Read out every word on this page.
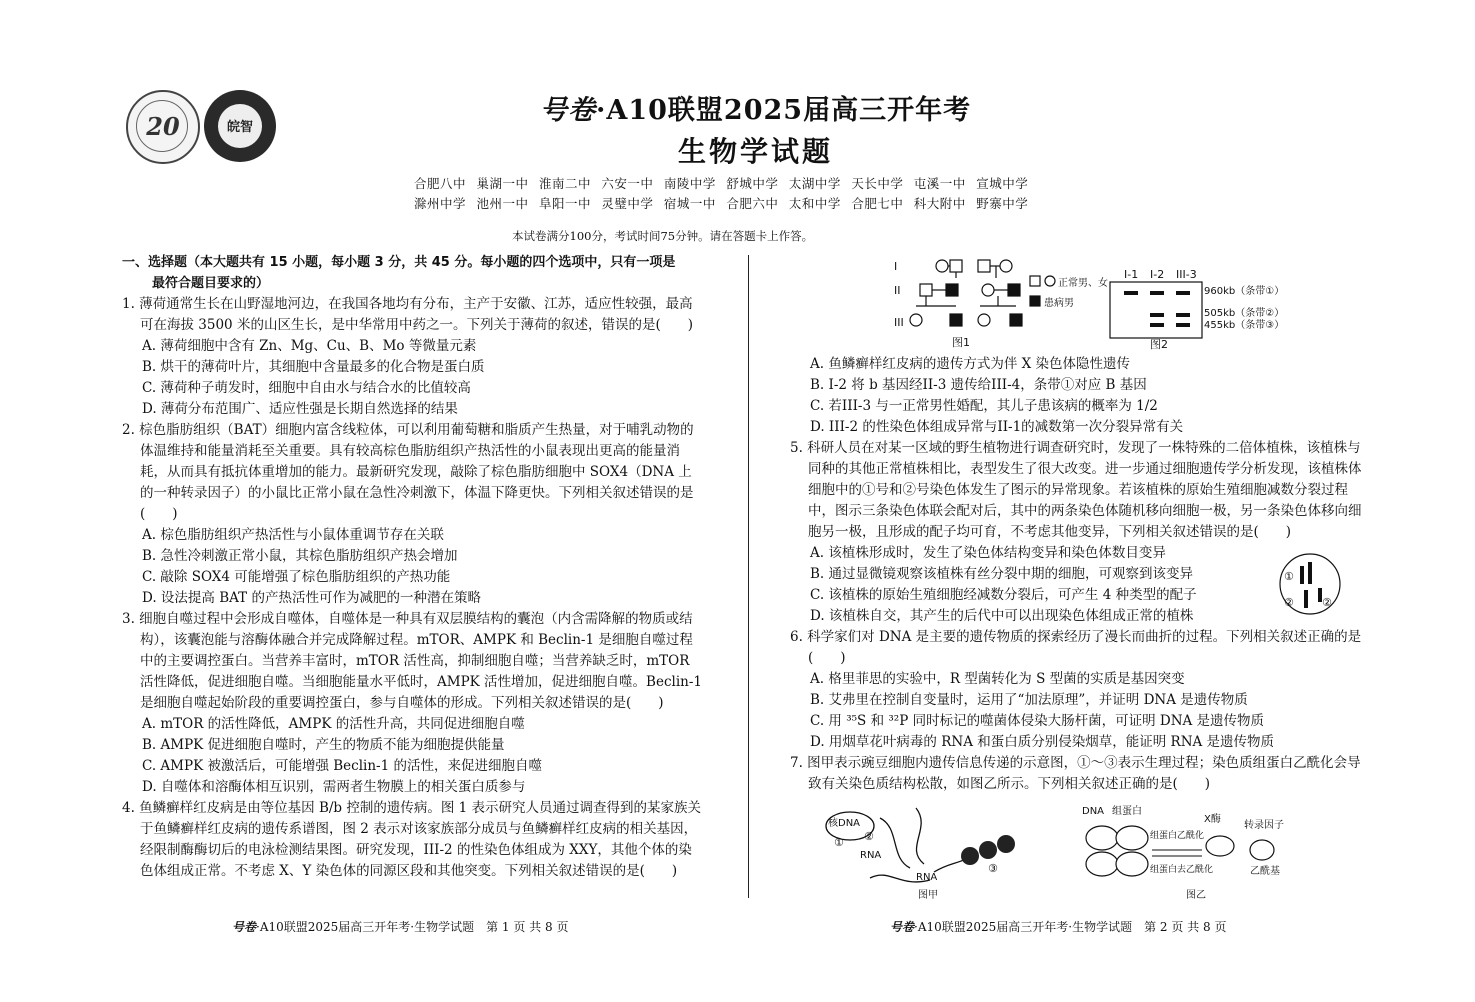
20	皖智
号卷·A10联盟2025届高三开年考
生物学试题
合肥八中 巢湖一中 淮南二中 六安一中 南陵中学 舒城中学 太湖中学 天长中学 屯溪一中 宣城中学
滁州中学 池州一中 阜阳一中 灵璧中学 宿城一中 合肥六中 太和中学 合肥七中 科大附中 野寨中学
本试卷满分100分，考试时间75分钟。请在答题卡上作答。

一、选择题（本大题共有 15 小题，每小题 3 分，共 45 分。每小题的四个选项中，只有一项是

最符合题目要求的）

1. 薄荷通常生长在山野湿地河边，在我国各地均有分布，主产于安徽、江苏，适应性较强，最高可在海拔 3500 米的山区生长，是中华常用中药之一。下列关于薄荷的叙述，错误的是(　　)

A. 薄荷细胞中含有 Zn、Mg、Cu、B、Mo 等微量元素

B. 烘干的薄荷叶片，其细胞中含量最多的化合物是蛋白质

C. 薄荷种子萌发时，细胞中自由水与结合水的比值较高

D. 薄荷分布范围广、适应性强是长期自然选择的结果

2. 棕色脂肪组织（BAT）细胞内富含线粒体，可以利用葡萄糖和脂质产生热量，对于哺乳动物的体温维持和能量消耗至关重要。具有较高棕色脂肪组织产热活性的小鼠表现出更高的能量消耗，从而具有抵抗体重增加的能力。最新研究发现，敲除了棕色脂肪细胞中 SOX4（DNA 上的一种转录因子）的小鼠比正常小鼠在急性冷刺激下，体温下降更快。下列相关叙述错误的是(　　)

A. 棕色脂肪组织产热活性与小鼠体重调节存在关联

B. 急性冷刺激正常小鼠，其棕色脂肪组织产热会增加

C. 敲除 SOX4 可能增强了棕色脂肪组织的产热功能

D. 设法提高 BAT 的产热活性可作为减肥的一种潜在策略

3. 细胞自噬过程中会形成自噬体，自噬体是一种具有双层膜结构的囊泡（内含需降解的物质或结构），该囊泡能与溶酶体融合并完成降解过程。mTOR、AMPK 和 Beclin-1 是细胞自噬过程中的主要调控蛋白。当营养丰富时，mTOR 活性高，抑制细胞自噬；当营养缺乏时，mTOR 活性降低，促进细胞自噬。当细胞能量水平低时，AMPK 活性增加，促进细胞自噬。Beclin-1 是细胞自噬起始阶段的重要调控蛋白，参与自噬体的形成。下列相关叙述错误的是(　　)

A. mTOR 的活性降低，AMPK 的活性升高，共同促进细胞自噬

B. AMPK 促进细胞自噬时，产生的物质不能为细胞提供能量

C. AMPK 被激活后，可能增强 Beclin-1 的活性，来促进细胞自噬

D. 自噬体和溶酶体相互识别，需两者生物膜上的相关蛋白质参与

4. 鱼鳞癣样红皮病是由等位基因 B/b 控制的遗传病。图 1 表示研究人员通过调查得到的某家族关于鱼鳞癣样红皮病的遗传系谱图，图 2 表示对该家族部分成员与鱼鳞癣样红皮病的相关基因，经限制酶酶切后的电泳检测结果图。研究发现，III-2 的性染色体组成为 XXY，其他个体的染色体组成正常。不考虑 X、Y 染色体的同源区段和其他突变。下列相关叙述错误的是(　　)

I
II
III
正常男、女
患病男
图1
I-1 I-2 III-3
960kb（条带①）
505kb（条带②）
455kb（条带③）
图2

A. 鱼鳞癣样红皮病的遗传方式为伴 X 染色体隐性遗传

B. I-2 将 b 基因经II-3 遗传给III-4，条带①对应 B 基因

C. 若III-3 与一正常男性婚配，其儿子患该病的概率为 1/2

D. III-2 的性染色体组成异常与II-1的减数第一次分裂异常有关

5. 科研人员在对某一区域的野生植物进行调查研究时，发现了一株特殊的二倍体植株，该植株与同种的其他正常植株相比，表型发生了很大改变。进一步通过细胞遗传学分析发现，该植株体细胞中的①号和②号染色体发生了图示的异常现象。若该植株的原始生殖细胞减数分裂过程中，图示三条染色体联会配对后，其中的两条染色体随机移向细胞一极，另一条染色体移向细胞另一极，且形成的配子均可育，不考虑其他变异，下列相关叙述错误的是(　　)

A. 该植株形成时，发生了染色体结构变异和染色体数目变异

B. 通过显微镜观察该植株有丝分裂中期的细胞，可观察到该变异

C. 该植株的原始生殖细胞经减数分裂后，可产生 4 种类型的配子

D. 该植株自交，其产生的后代中可以出现染色体组成正常的植株

6. 科学家们对 DNA 是主要的遗传物质的探索经历了漫长而曲折的过程。下列相关叙述正确的是(　　)

A. 格里菲思的实验中，R 型菌转化为 S 型菌的实质是基因突变

B. 艾弗里在控制自变量时，运用了“加法原理”，并证明 DNA 是遗传物质

C. 用 ³⁵S 和 ³²P 同时标记的噬菌体侵染大肠杆菌，可证明 DNA 是遗传物质

D. 用烟草花叶病毒的 RNA 和蛋白质分别侵染烟草，能证明 RNA 是遗传物质

7. 图甲表示豌豆细胞内遗传信息传递的示意图，①～③表示生理过程；染色质组蛋白乙酰化会导致有关染色质结构松散，如图乙所示。下列相关叙述正确的是(　　)

①
②	②
核DNA
RNA
RNA
① ②
③
图甲
DNA 组蛋白
组蛋白乙酰化
组蛋白去乙酰化
X酶
转录因子
乙酰基
图乙
号卷·A10联盟2025届高三开年考·生物学试题　第 1 页 共 8 页	号卷·A10联盟2025届高三开年考·生物学试题　第 2 页 共 8 页
